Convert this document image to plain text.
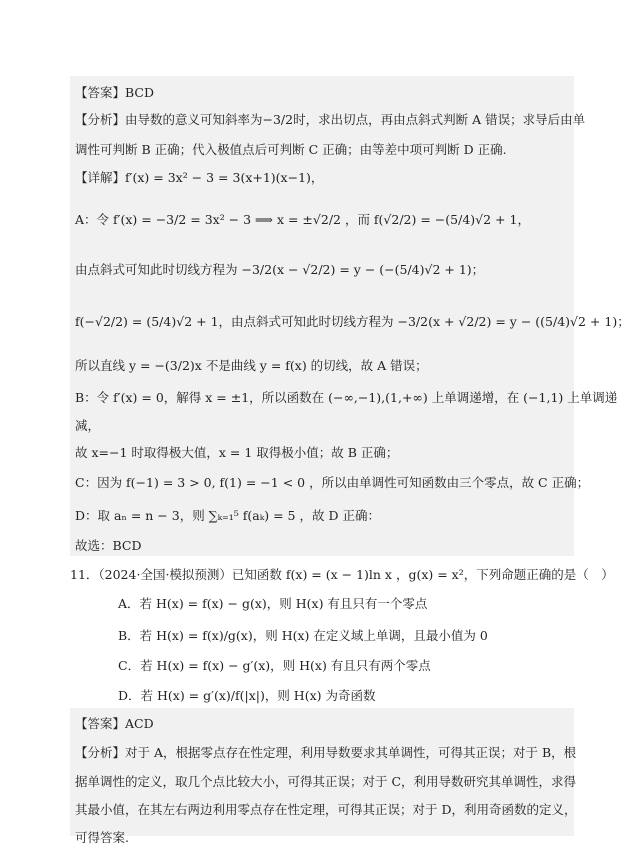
【答案】BCD
【分析】由导数的意义可知斜率为−3/2时，求出切点，再由点斜式判断 A 错误；求导后由单
调性可判断 B 正确；代入极值点后可判断 C 正确；由等差中项可判断 D 正确.
【详解】f′(x) = 3x² − 3 = 3(x+1)(x−1)，
A：令 f′(x) = −3/2 = 3x² − 3 ⟹ x = ±√2/2 ，而 f(√2/2) = −(5/4)√2 + 1，
由点斜式可知此时切线方程为 −3/2(x − √2/2) = y − (−(5/4)√2 + 1)；
f(−√2/2) = (5/4)√2 + 1，由点斜式可知此时切线方程为 −3/2(x + √2/2) = y − ((5/4)√2 + 1)；
所以直线 y = −(3/2)x 不是曲线 y = f(x) 的切线，故 A 错误；
B：令 f′(x) = 0，解得 x = ±1，所以函数在 (−∞,−1),(1,+∞) 上单调递增，在 (−1,1) 上单调递
减，
故 x=−1 时取得极大值，x = 1 取得极小值；故 B 正确；
C：因为 f(−1) = 3 > 0, f(1) = −1 < 0 ，所以由单调性可知函数由三个零点，故 C 正确；
D：取 aₙ = n − 3，则 ∑ₖ₌₁⁵ f(aₖ) = 5 ，故 D 正确：
故选：BCD
11．（2024·全国·模拟预测）已知函数 f(x) = (x − 1)ln x ，g(x) = x²，下列命题正确的是（　）
A．若 H(x) = f(x) − g(x)，则 H(x) 有且只有一个零点
B．若 H(x) = f(x)/g(x)，则 H(x) 在定义域上单调，且最小值为 0
C．若 H(x) = f(x) − g′(x)，则 H(x) 有且只有两个零点
D．若 H(x) = g′(x)/f(|x|)，则 H(x) 为奇函数
【答案】ACD
【分析】对于 A，根据零点存在性定理，利用导数要求其单调性，可得其正误；对于 B，根
据单调性的定义，取几个点比较大小，可得其正误；对于 C，利用导数研究其单调性，求得
其最小值，在其左右两边利用零点存在性定理，可得其正误；对于 D，利用奇函数的定义，
可得答案.
